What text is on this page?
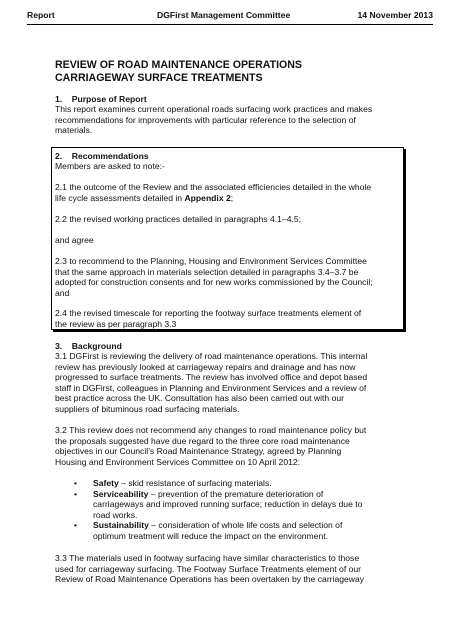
Report	DGFirst Management Committee	14 November 2013
REVIEW OF ROAD MAINTENANCE OPERATIONS
CARRIAGEWAY SURFACE TREATMENTS
1.    Purpose of Report
This report examines current operational roads surfacing work practices and makes
recommendations for improvements with particular reference to the selection of
materials.
2.    Recommendations
Members are asked to note:-
2.1 the outcome of the Review and the associated efficiencies detailed in the whole
life cycle assessments detailed in Appendix 2;
2.2 the revised working practices detailed in paragraphs 4.1–4.5;
and agree
2.3 to recommend to the Planning, Housing and Environment Services Committee
that the same approach in materials selection detailed in paragraphs 3.4–3.7 be
adopted for construction consents and for new works commissioned by the Council;
and
2.4 the revised timescale for reporting the footway surface treatments element of
the review as per paragraph 3.3
3.    Background
3.1 DGFirst is reviewing the delivery of road maintenance operations. This internal
review has previously looked at carriageway repairs and drainage and has now
progressed to surface treatments. The review has involved office and depot based
staff in DGFirst, colleagues in Planning and Environment Services and a review of
best practice across the UK. Consultation has also been carried out with our
suppliers of bituminous road surfacing materials.
3.2 This review does not recommend any changes to road maintenance policy but
the proposals suggested have due regard to the three core road maintenance
objectives in our Council’s Road Maintenance Strategy, agreed by Planning
Housing and Environment Services Committee on 10 April 2012:
• Safety – skid resistance of surfacing materials.
• Serviceability – prevention of the premature deterioration of
carriageways and improved running surface; reduction in delays due to
road works.
• Sustainability – consideration of whole life costs and selection of
optimum treatment will reduce the impact on the environment.
3.3 The materials used in footway surfacing have similar characteristics to those
used for carriageway surfacing. The Footway Surface Treatments element of our
Review of Road Maintenance Operations has been overtaken by the carriageway
